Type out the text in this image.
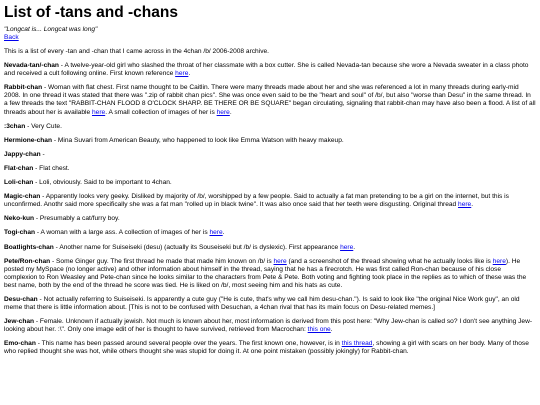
List of -tans and -chans

"Longcat is... Longcat was long"

Back

This is a list of every -tan and -chan that I came across in the 4chan /b/ 2006-2008 archive.

Nevada-tan/-chan - A twelve-year-old girl who slashed the throat of her classmate with a box cutter. She is called Nevada-tan because she wore a Nevada sweater in a class photo and received a cult following online. First known reference here.

Rabbit-chan - Woman with flat chest. First name thought to be Caitlin. There were many threads made about her and she was referenced a lot in many threads during early-mid 2008. In one thread it was stated that there was ".zip of rabbit chan pics". She was once even said to be the "heart and soul" of /b/, but also "worse than Desu" in the same thread. In a few threads the text "RABBIT-CHAN FLOOD 8 O'CLOCK SHARP. BE THERE OR BE SQUARE" began circulating, signaling that rabbit-chan may have also been a flood. A list of all threads about her is available here. A small collection of images of her is here.

:3chan - Very Cute.

Hermione-chan - Mina Suvari from American Beauty, who happened to look like Emma Watson with heavy makeup.

Jappy-chan -

Flat-chan - Flat chest.

Loli-chan - Loli, obviously. Said to be important to 4chan.

Magic-chan - Apparently looks very geeky. Disliked by majority of /b/, worshipped by a few people. Said to actually a fat man pretending to be a girl on the internet, but this is unconfirmed. Anothr said more specifically she was a fat man "rolled up in black twine". It was also once said that her teeth were disgusting. Original thread here.

Neko-kun - Presumably a cat/furry boy.

Togi-chan - A woman with a large ass. A collection of images of her is here.

Boatlights-chan - Another name for Suiseiseki (desu) (actually its Souseiseki but /b/ is dyslexic). First appearance here.

Pete/Ron-chan - Some Ginger guy. The first thread he made that made him known on /b/ is here (and a screenshot of the thread showing what he actually looks like is here). He posted my MySpace (no longer active) and other information about himself in the thread, saying that he has a firecrotch. He was first called Ron-chan because of his close complexion to Ron Weasley and Pete-chan since he looks similar to the characters from Pete & Pete. Both voting and fighting took place in the replies as to which of these was the best name, both by the end of the thread he score was tied. He is liked on /b/, most seeing him and his hats as cute.

Desu-chan - Not actually referring to Suiseiseki. Is apparently a cute guy ("He is cute, that's why we call him desu-chan."). Is said to look like "the original Nice Work guy", an old meme that there is little information about. [This is not to be confused with Desuchan, a 4chan rival that has its main focus on Desu-related memes.]

Jew-chan - Female. Unknown if actually jewish. Not much is known about her, most information is derived from this post here: "Why Jew-chan is called so? I don't see anything Jew-looking about her. :\". Only one image edit of her is thought to have survived, retrieved from Macrochan: this one.

Emo-chan - This name has been passed around several people over the years. The first known one, however, is in this thread, showing a girl with scars on her body. Many of those who replied thought she was hot, while others thought she was stupid for doing it. At one point mistaken (possibly jokingly) for Rabbit-chan.
